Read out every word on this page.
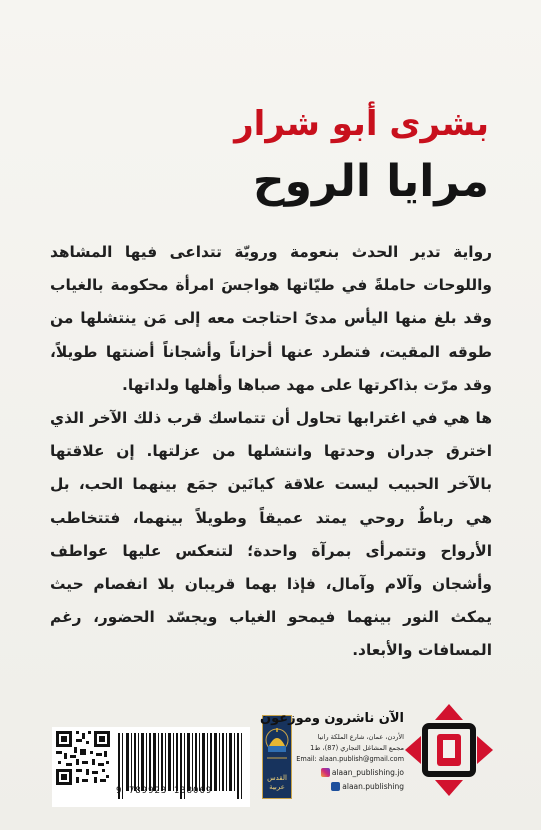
بشرى أبو شرار
مرايا الروح

رواية تدير الحدث بنعومة ورويّة تتداعى فيها المشاهد واللوحات حاملةً في طيّاتها هواجسَ امرأة محكومة بالغياب وقد بلغ منها اليأس مدىً احتاجت معه إلى مَن ينتشلها من طوقه المقيت، فتطرد عنها أحزاناً وأشجاناً أضنتها طويلاً، وقد مرّت بذاكرتها على مهد صباها وأهلها ولداتها.

ها هي في اغترابها تحاول أن تتماسك قرب ذلك الآخر الذي اخترق جدران وحدتها وانتشلها من عزلتها. إن علاقتها بالآخر الحبيب ليست علاقة كيانَين جمَع بينهما الحب، بل هي رباطٌ روحي يمتد عميقاً وطويلاً بينهما، فتتخاطب الأرواح وتتمرأى بمرآة واحدة؛ لتنعكس عليها عواطف وأشجان وآلام وآمال، فإذا بهما قريبان بلا انفصام حيث يمكث النور بينهما فيمحو الغياب ويجسّد الحضور، رغم المسافات والأبعاد.

9 789923 138069
القدس عربية
الآن ناشرون وموزعون
الأردن، عمان، شارع الملكة رانيا
مجمع المشاغل التجاري (87)، ط1
Email: alaan.publish@gmail.com
alaan_publishing.jo
alaan.publishing
